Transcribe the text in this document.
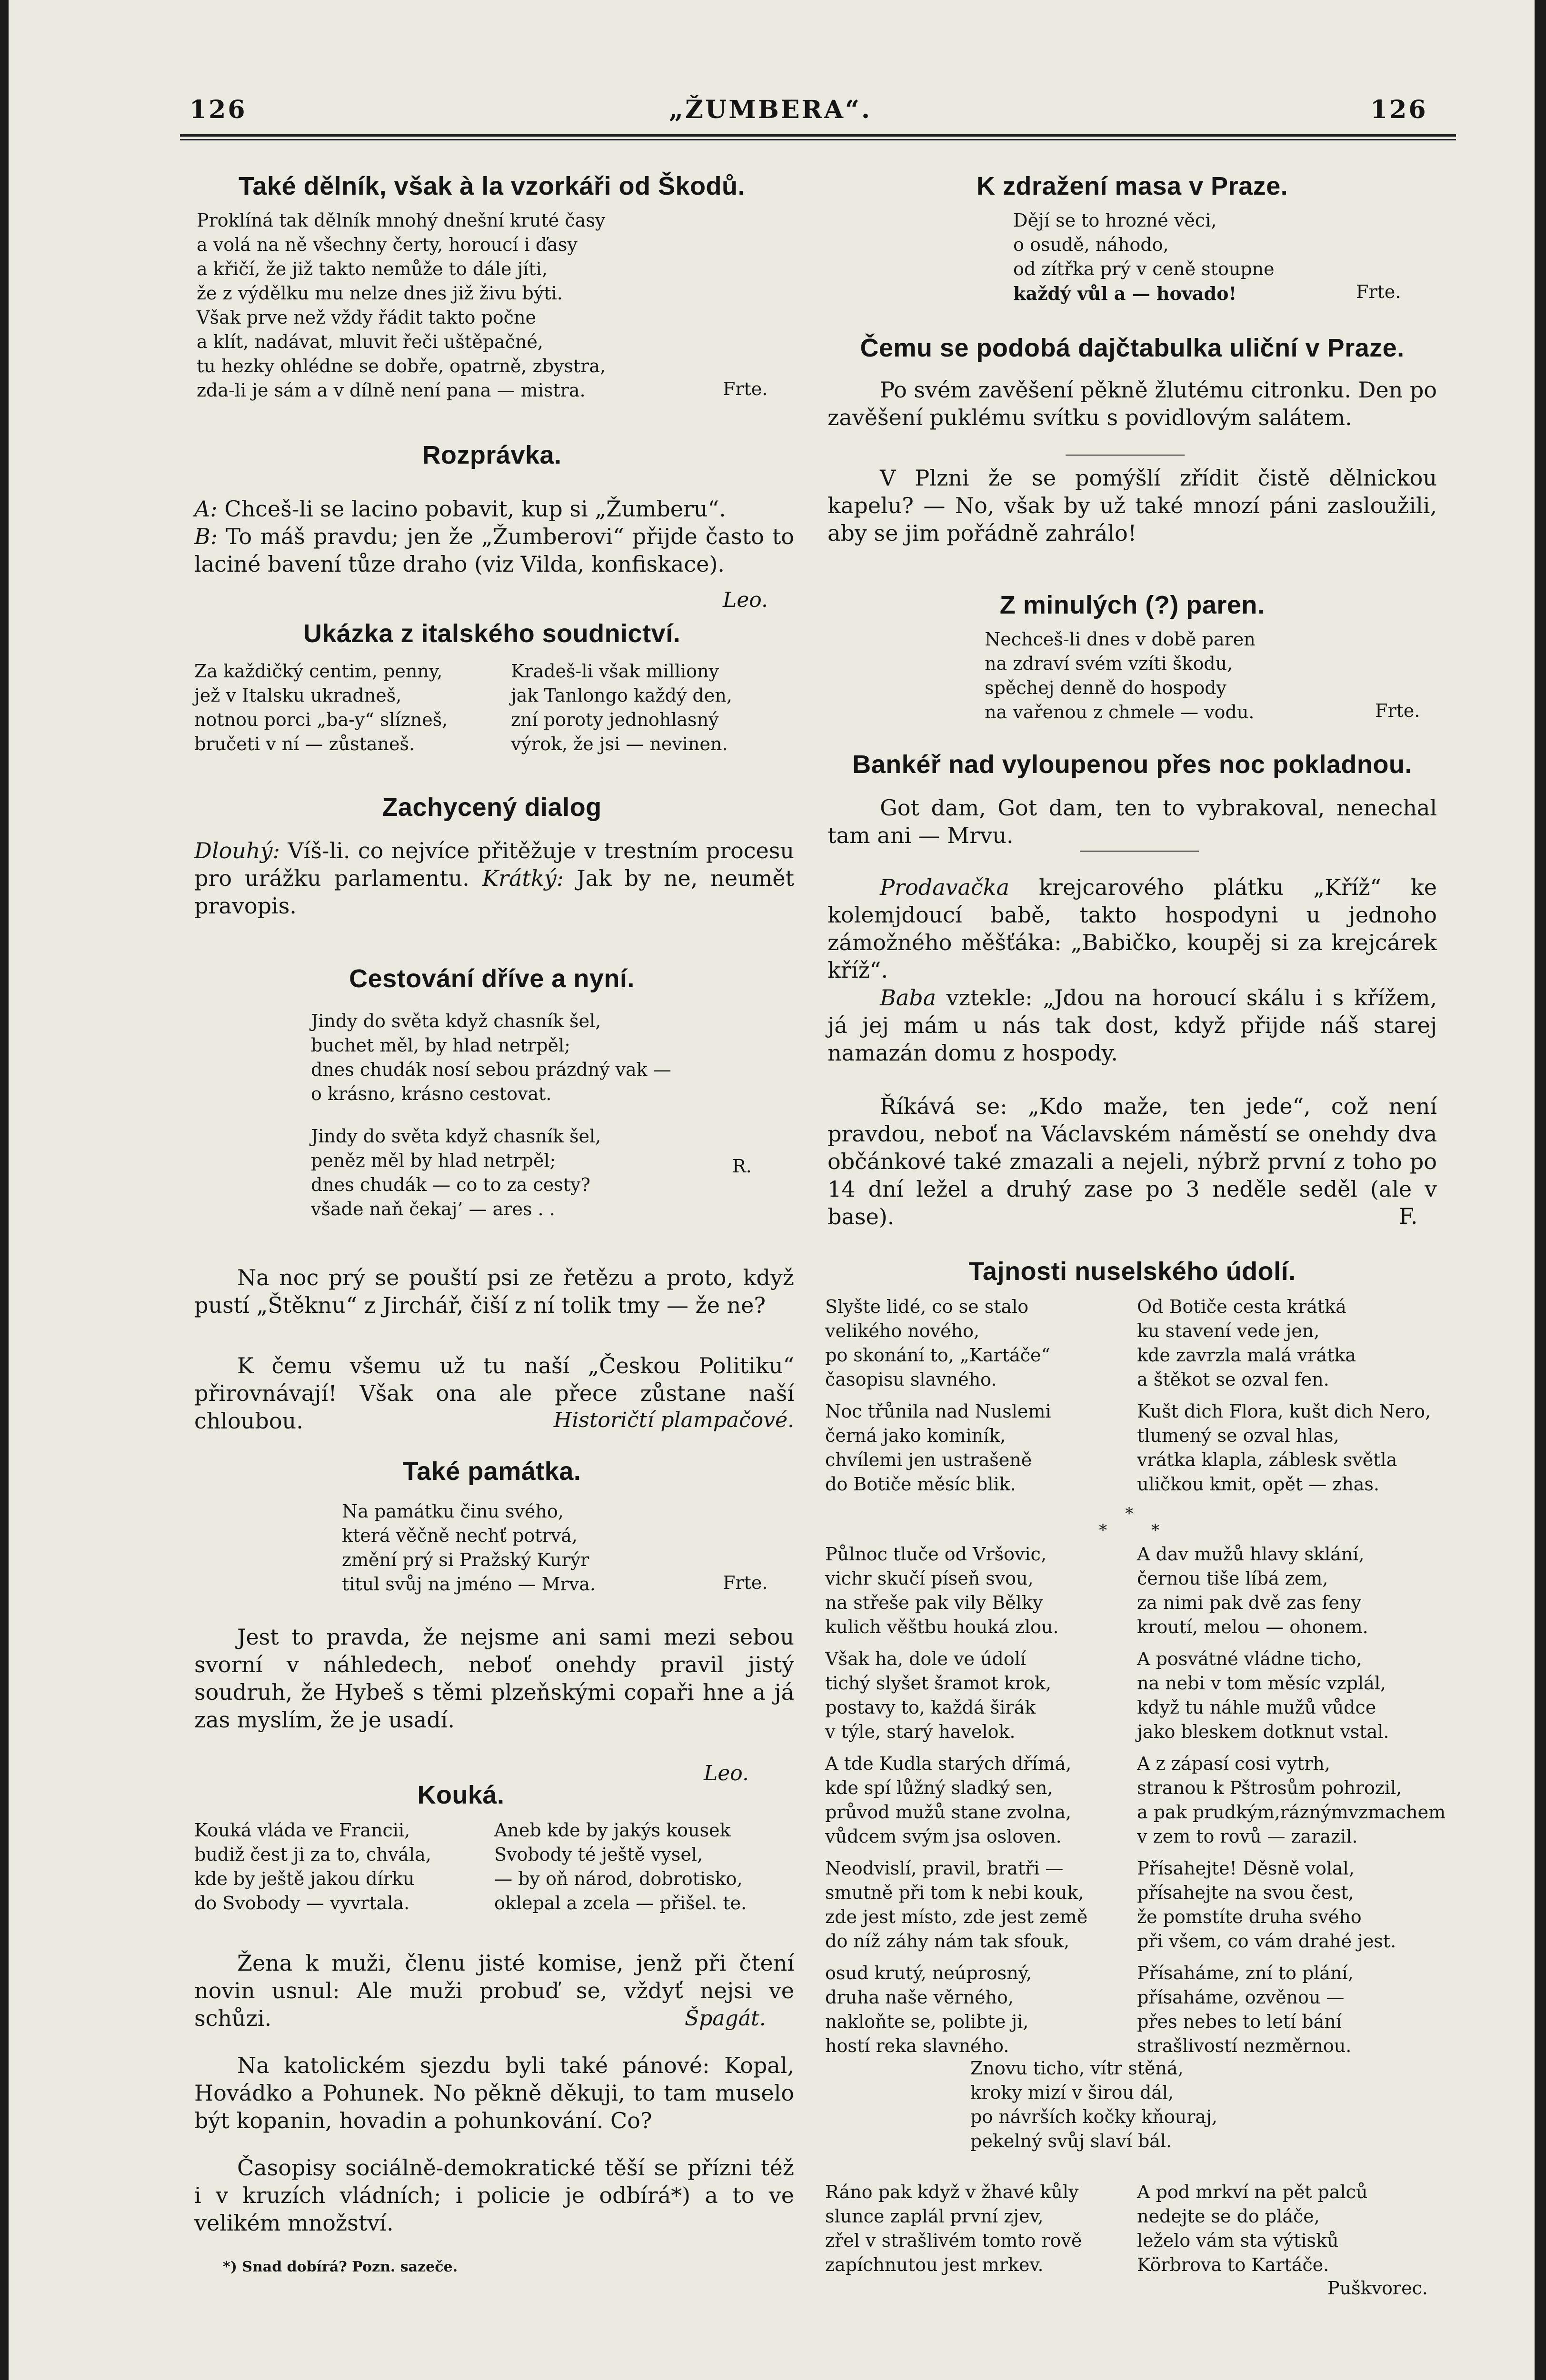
126	„ŽUMBERA“.	126
Také dělník, však à la vzorkáři od Škodů.
Proklíná tak dělník mnohý dnešní kruté časy
a volá na ně všechny čerty, horoucí i ďasy
a křičí, že již takto nemůže to dále jíti,
že z výdělku mu nelze dnes již živu býti.
Však prve než vždy řádit takto počne
a klít, nadávat, mluvit řeči uštěpačné,
tu hezky ohlédne se dobře, opatrně, zbystra,
zda-li je sám a v dílně není pana — mistra.	Frte.
Rozprávka.
A: Chceš-li se lacino pobavit, kup si „Žumberu“.
B: To máš pravdu; jen že „Žumberovi“ přijde často to laciné bavení tůze draho (viz Vilda, konfiskace).
Leo.
Ukázka z italského soudnictví.
Za každičký centim, penny,
jež v Italsku ukradneš,
notnou porci „ba-y“ slízneš,
bručeti v ní — zůstaneš.
Kradeš-li však milliony
jak Tanlongo každý den,
zní poroty jednohlasný
výrok, že jsi — nevinen.
Zachycený dialog
Dlouhý: Víš-li. co nejvíce přitěžuje v trestním procesu pro urážku parlamentu. Krátký: Jak by ne, neumět pravopis.
Cestování dříve a nyní.
Jindy do světa když chasník šel,
buchet měl, by hlad netrpěl;
dnes chudák nosí sebou prázdný vak —
o krásno, krásno cestovat.
Jindy do světa když chasník šel,
peněz měl by hlad netrpěl;
dnes chudák — co to za cesty?
všade naň čekaj’ — ares . .
R.
Na noc prý se pouští psi ze řetězu a proto, když pustí „Štěknu“ z Jirchář, čiší z ní tolik tmy — že ne?
K čemu všemu už tu naší „Českou Politiku“ přirovnávají! Však ona ale přece zůstane naší chloubou.	Historičtí plampačové.
Také památka.
Na památku činu svého,
která věčně nechť potrvá,
změní prý si Pražský Kurýr
titul svůj na jméno — Mrva.	Frte.
Jest to pravda, že nejsme ani sami mezi sebou svorní v náhledech, neboť onehdy pravil jistý soudruh, že Hybeš s těmi plzeňskými copaři hne a já zas myslím, že je usadí.
Leo.
Kouká.
Kouká vláda ve Francii,
budiž čest ji za to, chvála,
kde by ještě jakou dírku
do Svobody — vyvrtala.
Aneb kde by jakýs kousek
Svobody té ještě vysel,
— by oň národ, dobrotisko,
oklepal a zcela — přišel. te.
Žena k muži, členu jisté komise, jenž při čtení novin usnul: Ale muži probuď se, vždyť nejsi ve schůzi.	Špagát.
Na katolickém sjezdu byli také pánové: Kopal, Hovádko a Pohunek. No pěkně děkuji, to tam muselo být kopanin, hovadin a pohunkování. Co?
Časopisy sociálně-demokratické těší se přízni též i v kruzích vládních; i policie je odbírá*) a to ve velikém množství.
*) Snad dobírá? Pozn. sazeče.
K zdražení masa v Praze.
Dějí se to hrozné věci,
o osudě, náhodo,
od zítřka prý v ceně stoupne
každý vůl a — hovado!	Frte.
Čemu se podobá dajčtabulka uliční v Praze.
Po svém zavěšení pěkně žlutému citronku. Den po zavěšení puklému svítku s povidlovým salátem.
V Plzni že se pomýšlí zřídit čistě dělnickou kapelu? — No, však by už také mnozí páni zasloužili, aby se jim pořádně zahrálo!
Z minulých (?) paren.
Nechceš-li dnes v době paren
na zdraví svém vzíti škodu,
spěchej denně do hospody
na vařenou z chmele — vodu.	Frte.
Bankéř nad vyloupenou přes noc pokladnou.
Got dam, Got dam, ten to vybrakoval, nenechal tam ani — Mrvu.
Prodavačka krejcarového plátku „Kříž“ ke kolemjdoucí babě, takto hospodyni u jednoho zámožného měšťáka: „Babičko, koupěj si za krejcárek kříž“.
Baba vztekle: „Jdou na horoucí skálu i s křížem, já jej mám u nás tak dost, když přijde náš starej namazán domu z hospody.
Říkává se: „Kdo maže, ten jede“, což není pravdou, neboť na Václavském náměstí se onehdy dva občánkové také zmazali a nejeli, nýbrž první z toho po 14 dní ležel a druhý zase po 3 neděle seděl (ale v base).	F.
Tajnosti nuselského údolí.
Slyšte lidé, co se stalo
velikého nového,
po skonání to, „Kartáče“
časopisu slavného.
Noc třůnila nad Nuslemi
černá jako kominík,
chvílemi jen ustrašeně
do Botiče měsíc blik.
Od Botiče cesta krátká
ku stavení vede jen,
kde zavrzla malá vrátka
a štěkot se ozval fen.
Kušt dich Flora, kušt dich Nero,
tlumený se ozval hlas,
vrátka klapla, záblesk světla
uličkou kmit, opět — zhas.
*
*	*
Půlnoc tluče od Vršovic,
vichr skučí píseň svou,
na střeše pak vily Bělky
kulich věštbu houká zlou.
Však ha, dole ve údolí
tichý slyšet šramot krok,
postavy to, každá širák
v týle, starý havelok.
A tde Kudla starých dřímá,
kde spí lůžný sladký sen,
průvod mužů stane zvolna,
vůdcem svým jsa osloven.
Neodvislí, pravil, bratři —
smutně při tom k nebi kouk,
zde jest místo, zde jest země
do níž záhy nám tak sfouk,
osud krutý, neúprosný,
druha naše věrného,
nakloňte se, polibte ji,
hostí reka slavného.
A dav mužů hlavy sklání,
černou tiše líbá zem,
za nimi pak dvě zas feny
kroutí, melou — ohonem.
A posvátné vládne ticho,
na nebi v tom měsíc vzplál,
když tu náhle mužů vůdce
jako bleskem dotknut vstal.
A z zápasí cosi vytrh,
stranou k Pštrosům pohrozil,
a pak prudkým,ráznýmvzmachem
v zem to rovů — zarazil.
Přísahejte! Děsně volal,
přísahejte na svou čest,
že pomstíte druha svého
při všem, co vám drahé jest.
Přísaháme, zní to plání,
přísaháme, ozvěnou —
přes nebes to letí bání
strašlivostí nezměrnou.
Znovu ticho, vítr stěná,
kroky mizí v širou dál,
po návrších kočky kňouraj,
pekelný svůj slaví bál.
Ráno pak když v žhavé kůly
slunce zaplál první zjev,
zřel v strašlivém tomto rově
zapíchnutou jest mrkev.
A pod mrkví na pět palců
nedejte se do pláče,
leželo vám sta výtisků
Körbrova to Kartáče.
Puškvorec.
